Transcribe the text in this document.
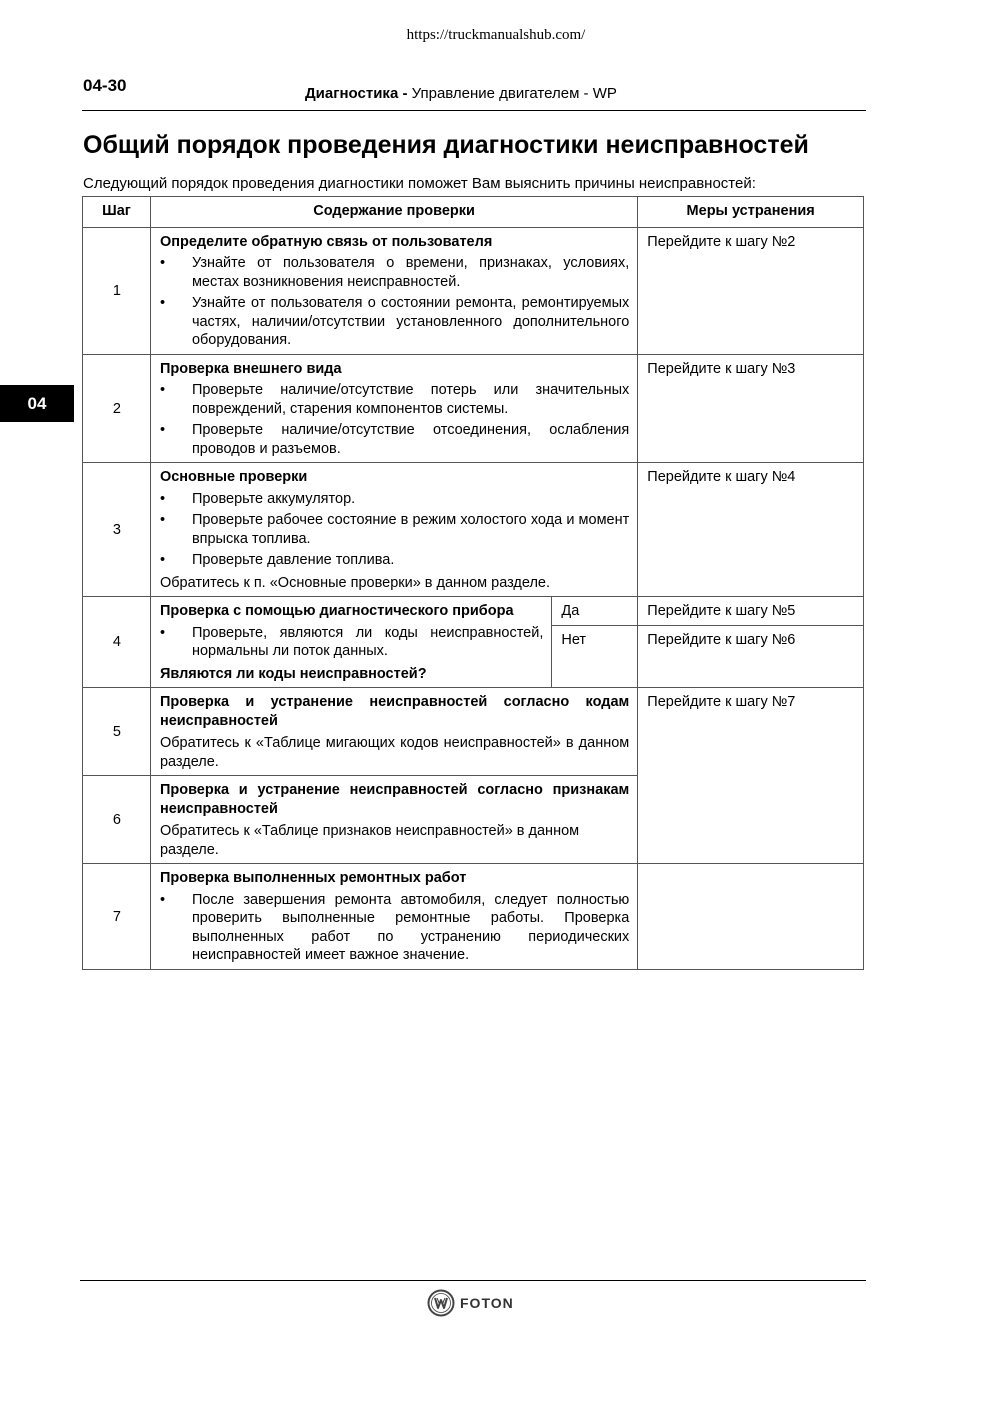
https://truckmanualshub.com/
04-30	Диагностика - Управление двигателем - WP
04
Общий порядок проведения диагностики неисправностей
Следующий порядок проведения диагностики поможет Вам выяснить причины неисправностей:
Шаг	Содержание проверки		Меры устранения
1	Определите обратную связь от пользователя
• Узнайте от пользователя о времени, признаках, условиях, местах возникновения неисправностей.
• Узнайте от пользователя о состоянии ремонта, ремонтируемых частях, наличии/отсутствии установленного дополнительного оборудования.		Перейдите к шагу №2
2	Проверка внешнего вида
• Проверьте наличие/отсутствие потерь или значительных повреждений, старения компонентов системы.
• Проверьте наличие/отсутствие отсоединения, ослабления проводов и разъемов.		Перейдите к шагу №3
3	Основные проверки
• Проверьте аккумулятор.
• Проверьте рабочее состояние в режим холостого хода и момент впрыска топлива.
• Проверьте давление топлива.
Обратитесь к п. «Основные проверки» в данном разделе.		Перейдите к шагу №4
4	Проверка с помощью диагностического прибора
• Проверьте, являются ли коды неисправностей, нормальны ли поток данных.
Являются ли коды неисправностей?	Да	Перейдите к шагу №5
		Нет	Перейдите к шагу №6
5	Проверка и устранение неисправностей согласно кодам неисправностей
Обратитесь к «Таблице мигающих кодов неисправностей» в данном разделе.		Перейдите к шагу №7
6	Проверка и устранение неисправностей согласно признакам неисправностей
Обратитесь к «Таблице признаков неисправностей» в данном разделе.		

7	Проверка выполненных ремонтных работ
• После завершения ремонта автомобиля, следует полностью проверить выполненные ремонтные работы. Проверка выполненных работ по устранению периодических неисправностей имеет важное значение.

FOTON
